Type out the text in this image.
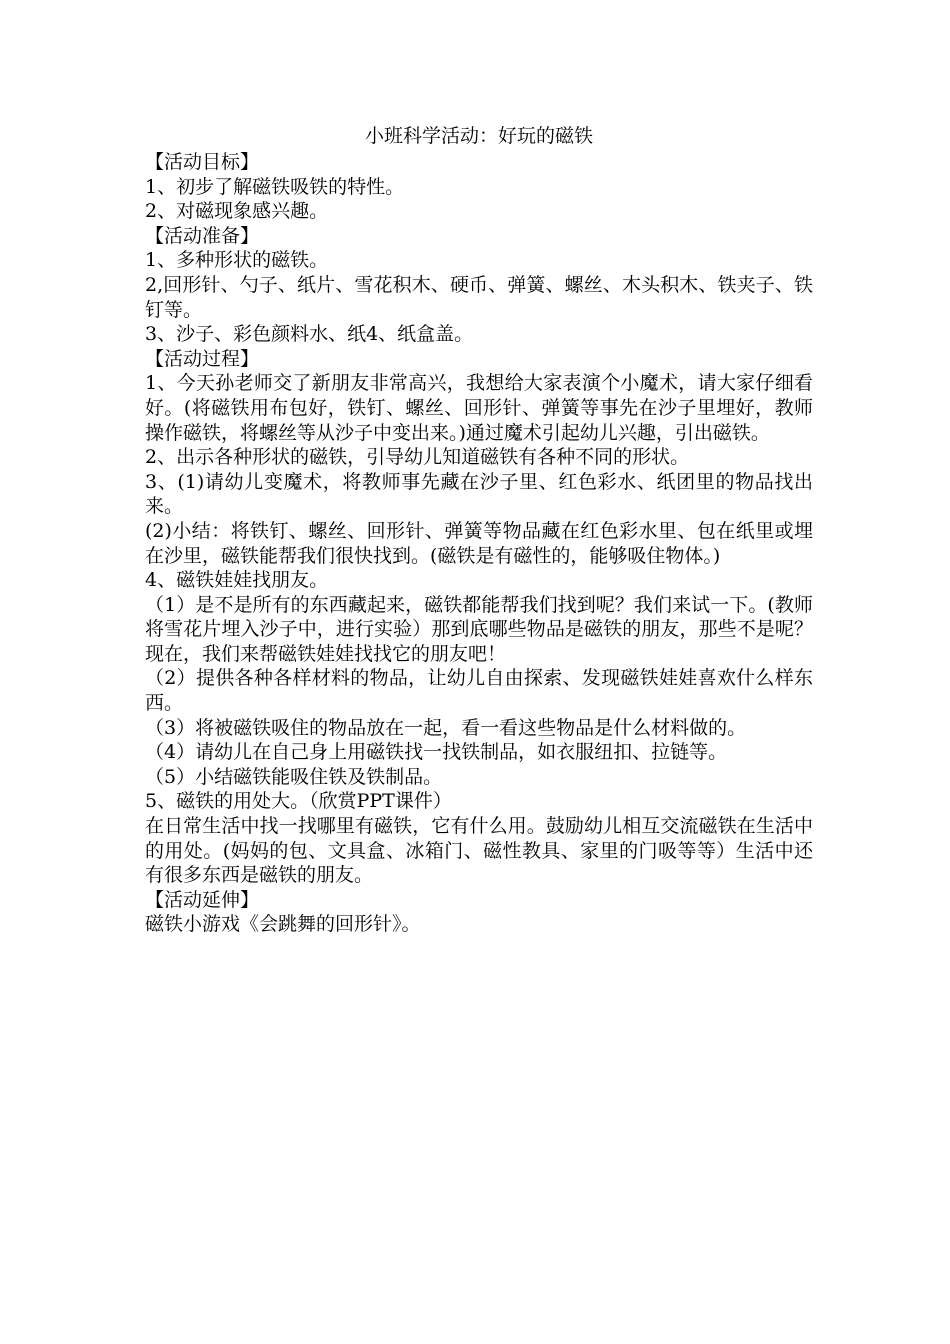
小班科学活动：好玩的磁铁
【活动目标】
1、初步了解磁铁吸铁的特性。
2、对磁现象感兴趣。
【活动准备】
1、多种形状的磁铁。
2,回形针、勺子、纸片、雪花积木、硬币、弹簧、螺丝、木头积木、铁夹子、铁钉等。
3、沙子、彩色颜料水、纸4、纸盒盖。
【活动过程】
1、今天孙老师交了新朋友非常高兴，我想给大家表演个小魔术，请大家仔细看好。(将磁铁用布包好，铁钉、螺丝、回形针、弹簧等事先在沙子里埋好，教师操作磁铁，将螺丝等从沙子中变出来。)通过魔术引起幼儿兴趣，引出磁铁。
2、出示各种形状的磁铁，引导幼儿知道磁铁有各种不同的形状。
3、(1)请幼儿变魔术，将教师事先藏在沙子里、红色彩水、纸团里的物品找出来。
(2)小结：将铁钉、螺丝、回形针、弹簧等物品藏在红色彩水里、包在纸里或埋在沙里，磁铁能帮我们很快找到。(磁铁是有磁性的，能够吸住物体。)
4、磁铁娃娃找朋友。
（1）是不是所有的东西藏起来，磁铁都能帮我们找到呢？我们来试一下。(教师将雪花片埋入沙子中，进行实验）那到底哪些物品是磁铁的朋友，那些不是呢？现在，我们来帮磁铁娃娃找找它的朋友吧！
（2）提供各种各样材料的物品，让幼儿自由探索、发现磁铁娃娃喜欢什么样东西。
（3）将被磁铁吸住的物品放在一起，看一看这些物品是什么材料做的。
（4）请幼儿在自己身上用磁铁找一找铁制品，如衣服纽扣、拉链等。
（5）小结磁铁能吸住铁及铁制品。
5、磁铁的用处大。（欣赏PPT课件）
在日常生活中找一找哪里有磁铁，它有什么用。鼓励幼儿相互交流磁铁在生活中的用处。(妈妈的包、文具盒、冰箱门、磁性教具、家里的门吸等等）生活中还有很多东西是磁铁的朋友。
【活动延伸】
磁铁小游戏《会跳舞的回形针》。
